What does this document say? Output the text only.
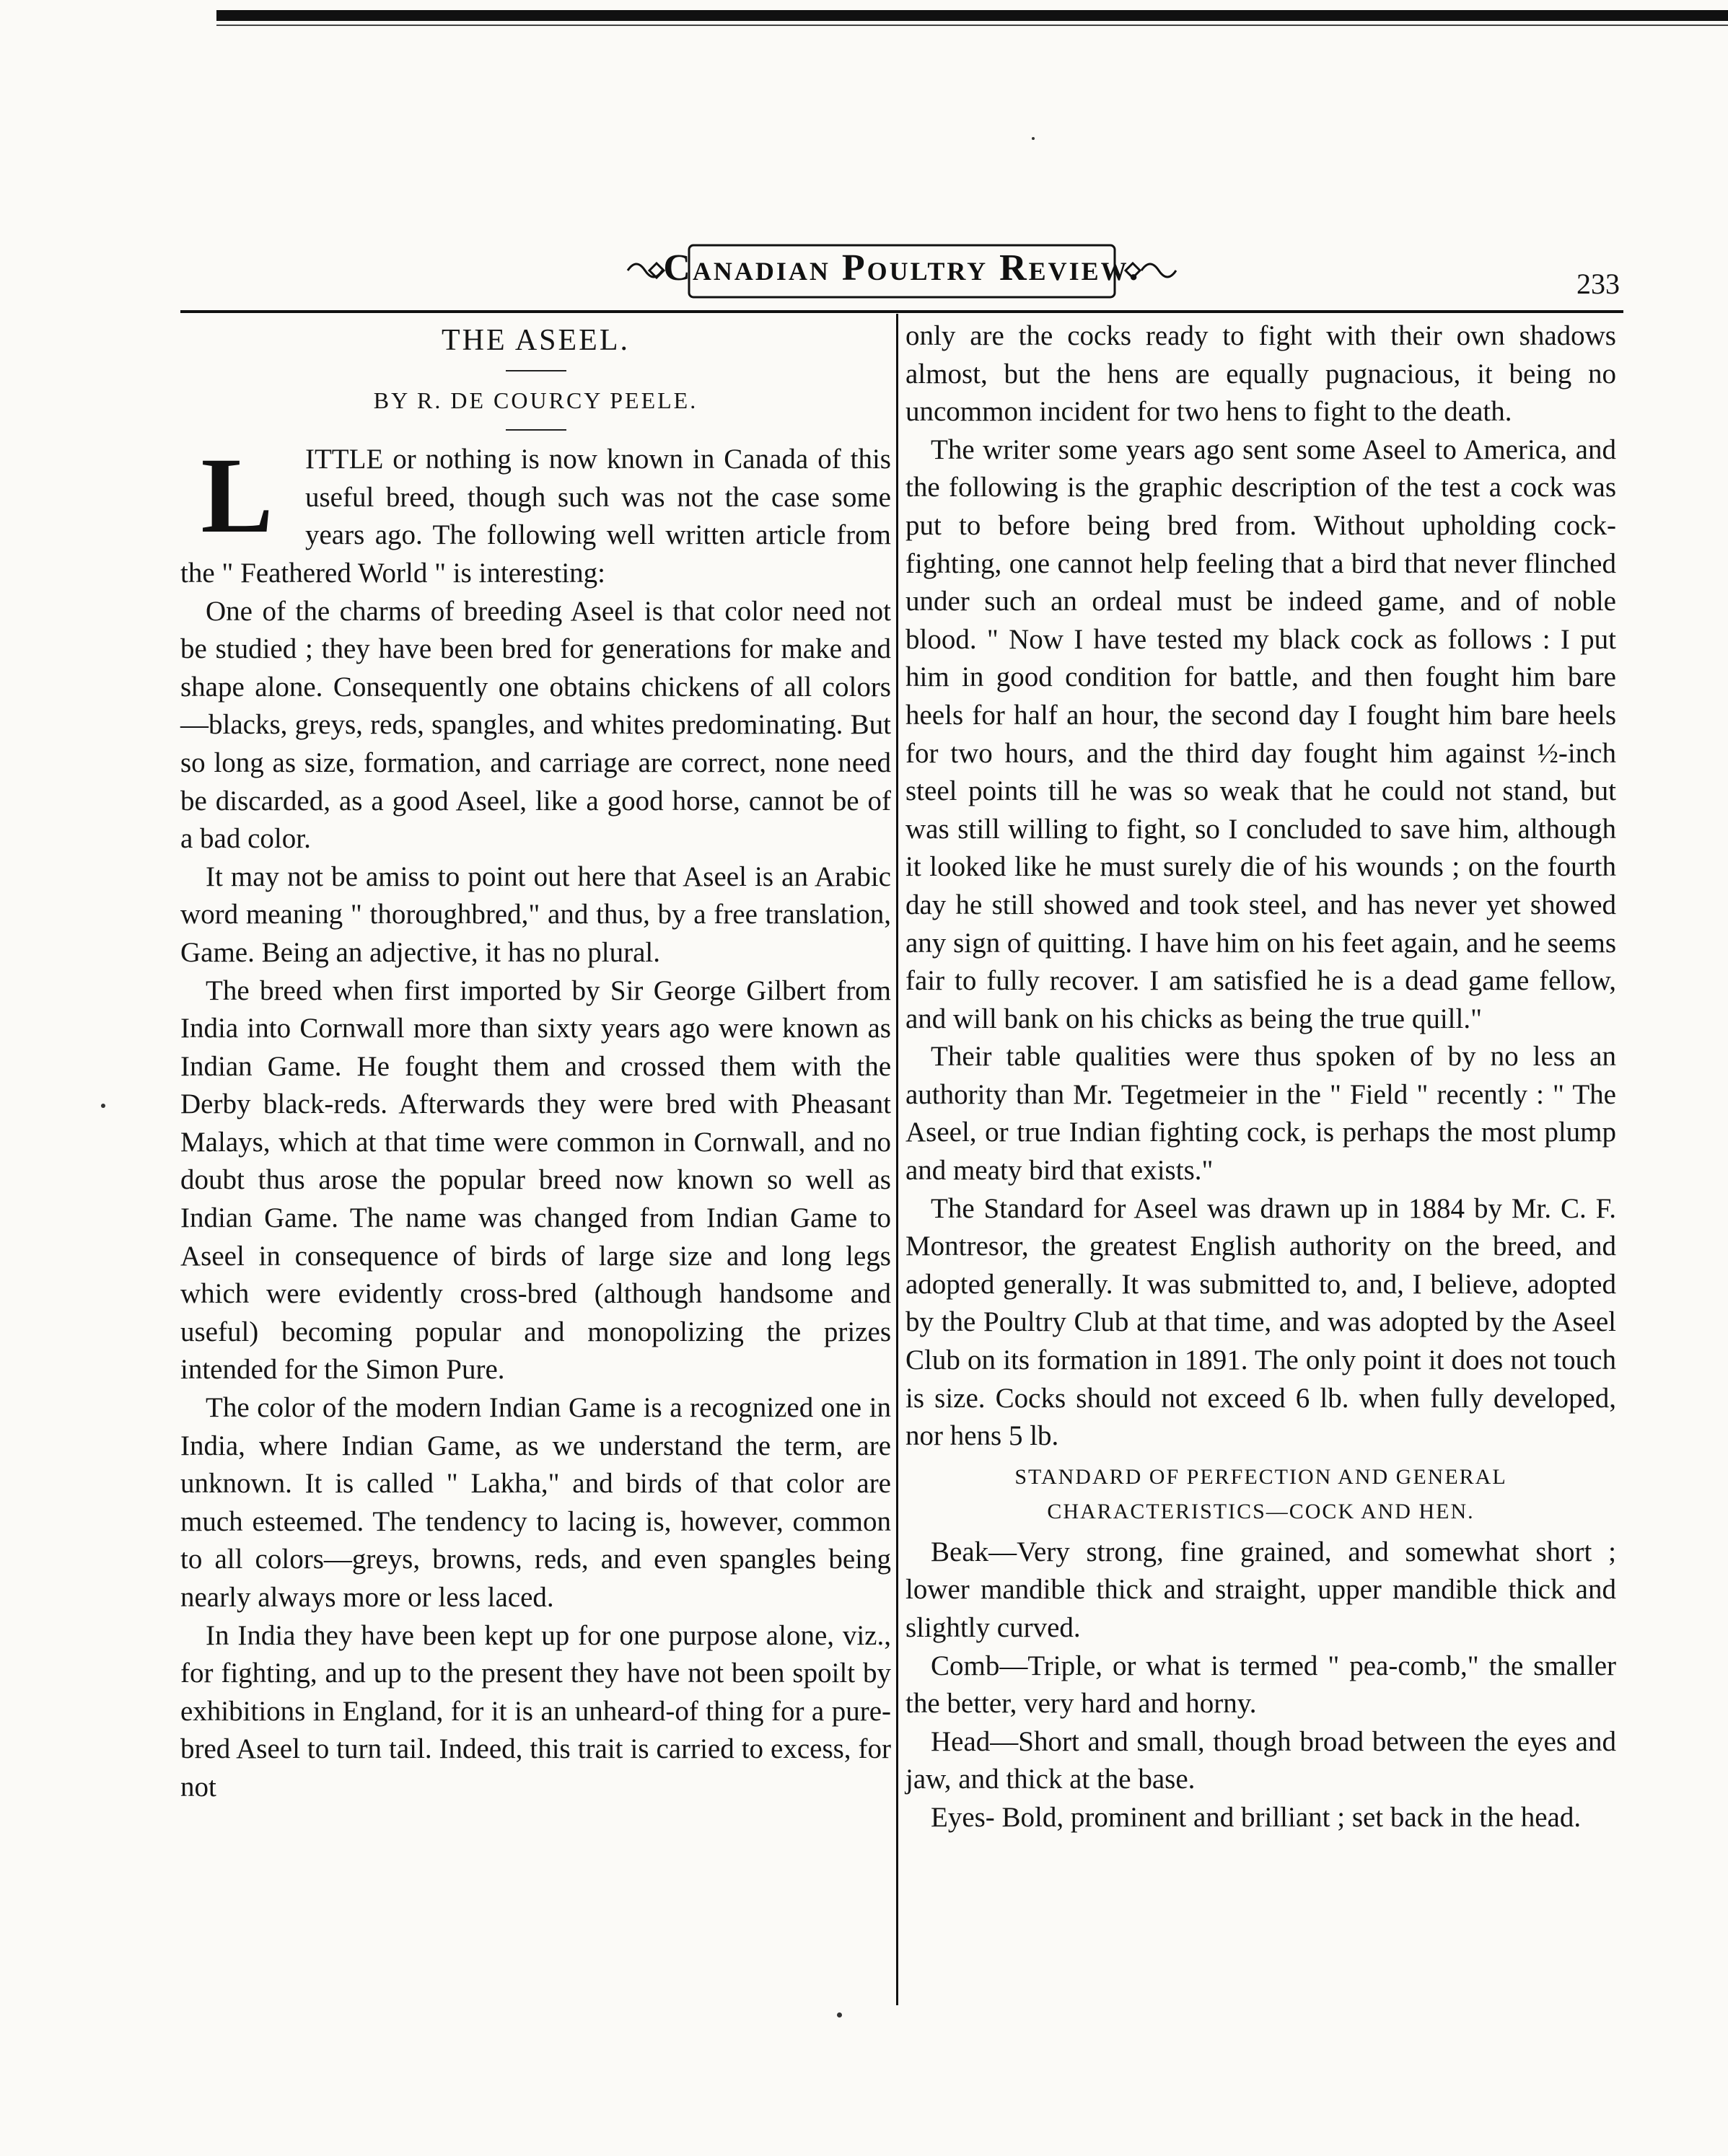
Canadian Poultry Review.	233
THE ASEEL.
BY R. DE COURCY PEELE.
L	ITTLE or nothing is now known in Canada of this useful breed, though such was not the case some years ago. The following well written article from the " Feathered World " is interesting:

One of the charms of breeding Aseel is that color need not be studied ; they have been bred for generations for make and shape alone. Consequently one obtains chickens of all colors—blacks, greys, reds, spangles, and whites predominating. But so long as size, formation, and carriage are correct, none need be discarded, as a good Aseel, like a good horse, cannot be of a bad color.

It may not be amiss to point out here that Aseel is an Arabic word meaning " thoroughbred," and thus, by a free translation, Game. Being an adjective, it has no plural.

The breed when first imported by Sir George Gilbert from India into Cornwall more than sixty years ago were known as Indian Game. He fought them and crossed them with the Derby black-reds. Afterwards they were bred with Pheasant Malays, which at that time were common in Cornwall, and no doubt thus arose the popular breed now known so well as Indian Game. The name was changed from Indian Game to Aseel in consequence of birds of large size and long legs which were evidently cross-bred (although handsome and useful) becoming popular and monopolizing the prizes intended for the Simon Pure.

The color of the modern Indian Game is a recognized one in India, where Indian Game, as we understand the term, are unknown. It is called " Lakha," and birds of that color are much esteemed. The tendency to lacing is, however, common to all colors—greys, browns, reds, and even spangles being nearly always more or less laced.

In India they have been kept up for one purpose alone, viz., for fighting, and up to the present they have not been spoilt by exhibitions in England, for it is an unheard-of thing for a pure-bred Aseel to turn tail. Indeed, this trait is carried to excess, for not

only are the cocks ready to fight with their own shadows almost, but the hens are equally pugnacious, it being no uncommon incident for two hens to fight to the death.

The writer some years ago sent some Aseel to America, and the following is the graphic description of the test a cock was put to before being bred from. Without upholding cock-fighting, one cannot help feeling that a bird that never flinched under such an ordeal must be indeed game, and of noble blood. " Now I have tested my black cock as follows : I put him in good condition for battle, and then fought him bare heels for half an hour, the second day I fought him bare heels for two hours, and the third day fought him against ½-inch steel points till he was so weak that he could not stand, but was still willing to fight, so I concluded to save him, although it looked like he must surely die of his wounds ; on the fourth day he still showed and took steel, and has never yet showed any sign of quitting. I have him on his feet again, and he seems fair to fully recover. I am satisfied he is a dead game fellow, and will bank on his chicks as being the true quill."

Their table qualities were thus spoken of by no less an authority than Mr. Tegetmeier in the " Field " recently : " The Aseel, or true Indian fighting cock, is perhaps the most plump and meaty bird that exists."

The Standard for Aseel was drawn up in 1884 by Mr. C. F. Montresor, the greatest English authority on the breed, and adopted generally. It was submitted to, and, I believe, adopted by the Poultry Club at that time, and was adopted by the Aseel Club on its formation in 1891. The only point it does not touch is size. Cocks should not exceed 6 lb. when fully developed, nor hens 5 lb.

STANDARD OF PERFECTION AND GENERAL CHARACTERISTICS—COCK AND HEN.

Beak—Very strong, fine grained, and somewhat short ; lower mandible thick and straight, upper mandible thick and slightly curved.

Comb—Triple, or what is termed " pea-comb," the smaller the better, very hard and horny.

Head—Short and small, though broad between the eyes and jaw, and thick at the base.

Eyes- Bold, prominent and brilliant ; set back in the head.
